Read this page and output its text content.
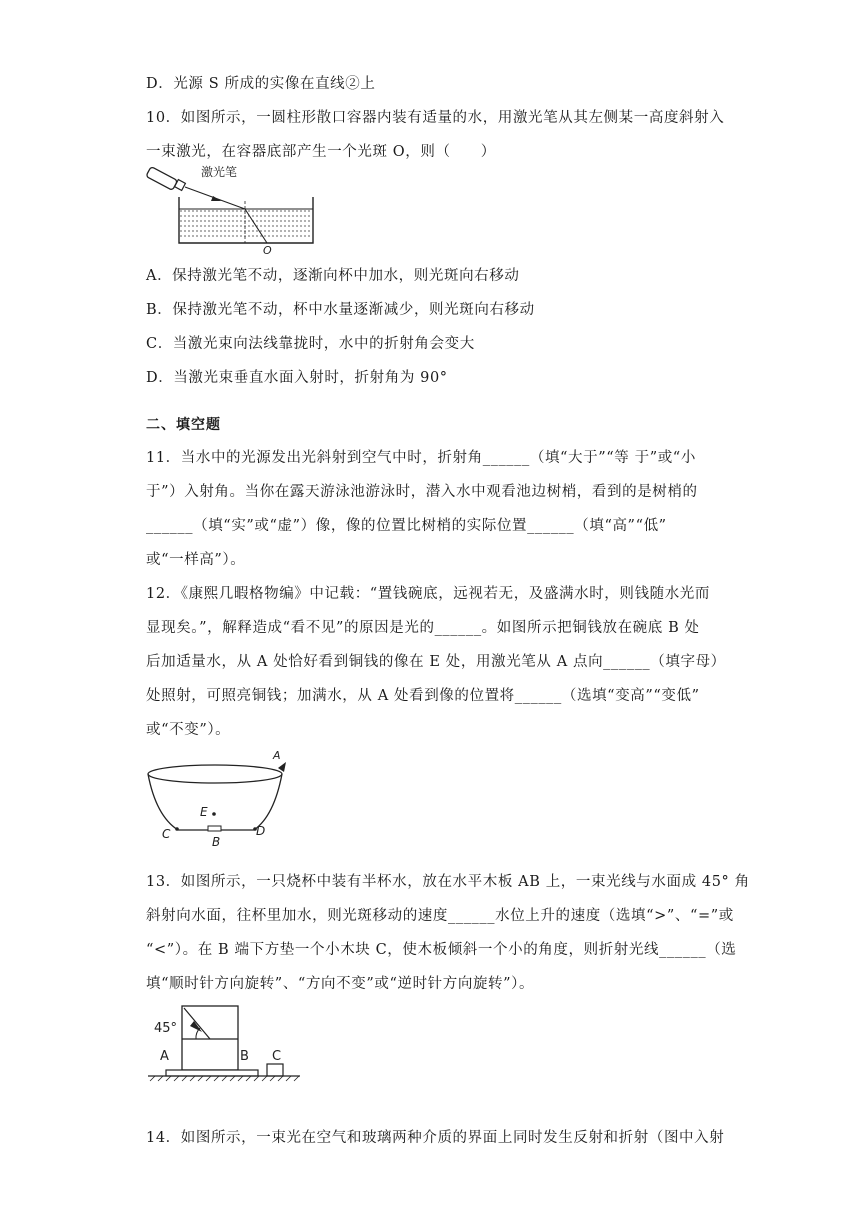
D．光源 S 所成的实像在直线②上
10．如图所示，一圆柱形散口容器内装有适量的水，用激光笔从其左侧某一高度斜射入
一束激光，在容器底部产生一个光斑 O，则（　　）
激光笔
O
A．保持激光笔不动，逐渐向杯中加水，则光斑向右移动
B．保持激光笔不动，杯中水量逐渐减少，则光斑向右移动
C．当激光束向法线靠拢时，水中的折射角会变大
D．当激光束垂直水面入射时，折射角为 90°
二、填空题
11．当水中的光源发出光斜射到空气中时，折射角______（填“大于”“等 于”或“小
于”）入射角。当你在露天游泳池游泳时，潜入水中观看池边树梢，看到的是树梢的
______（填“实”或“虚”）像，像的位置比树梢的实际位置______（填“高”“低”
或“一样高”）。
12．《康熙几暇格物编》中记载：“置钱碗底，远视若无，及盛满水时，则钱随水光而
显现矣。”，解释造成“看不见”的原因是光的______。如图所示把铜钱放在碗底 B 处
后加适量水，从 A 处恰好看到铜钱的像在 E 处，用激光笔从 A 点向______（填字母）
处照射，可照亮铜钱；加满水，从 A 处看到像的位置将______（选填“变高”“变低”
或“不变”）。
A
E
C
B
D
13．如图所示，一只烧杯中装有半杯水，放在水平木板 AB 上，一束光线与水面成 45° 角
斜射向水面，往杯里加水，则光斑移动的速度______水位上升的速度（选填“>”、“=”或
“<”）。在 B 端下方垫一个小木块 C，使木板倾斜一个小的角度，则折射光线______（选
填“顺时针方向旋转”、“方向不变”或“逆时针方向旋转”）。
45°
A	B C
14．如图所示，一束光在空气和玻璃两种介质的界面上同时发生反射和折射（图中入射
